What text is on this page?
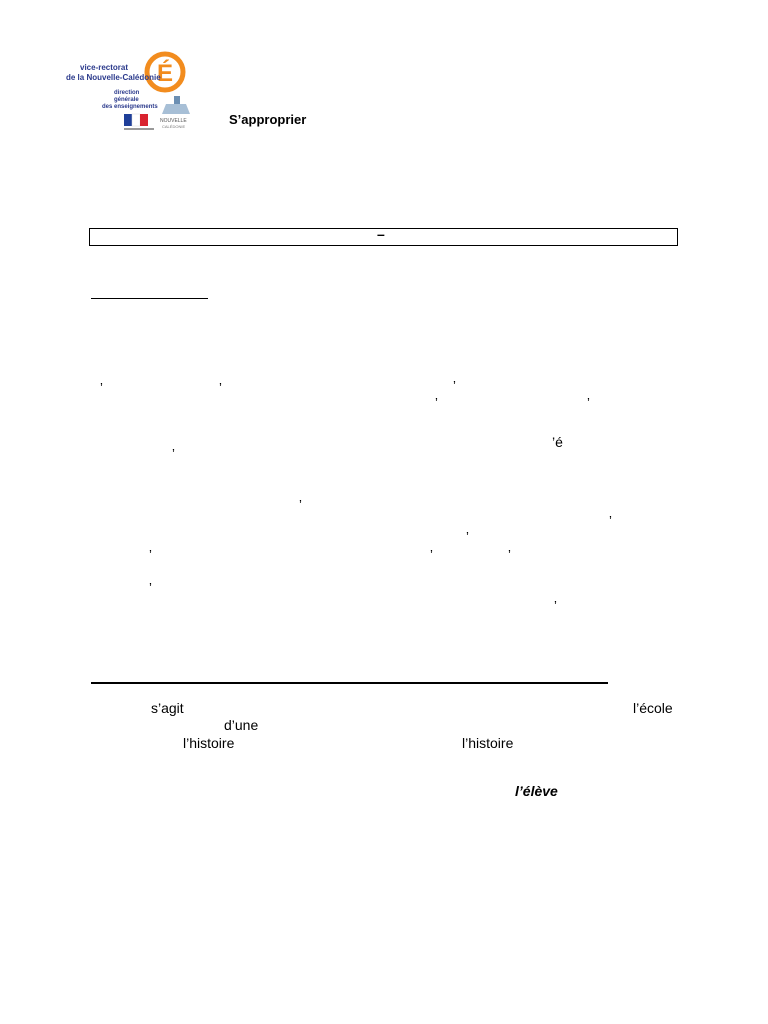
É
vice-rectorat
de la Nouvelle-Calédonie
direction
générale
des enseignements
NOUVELLE
CALÉDONIE	S’approprier
–
’	’	’
’	’
’é
’
’
’
’
’	’	’
’
’
s’agit	l’école
d’une
l’histoire	l’histoire
l’élève
